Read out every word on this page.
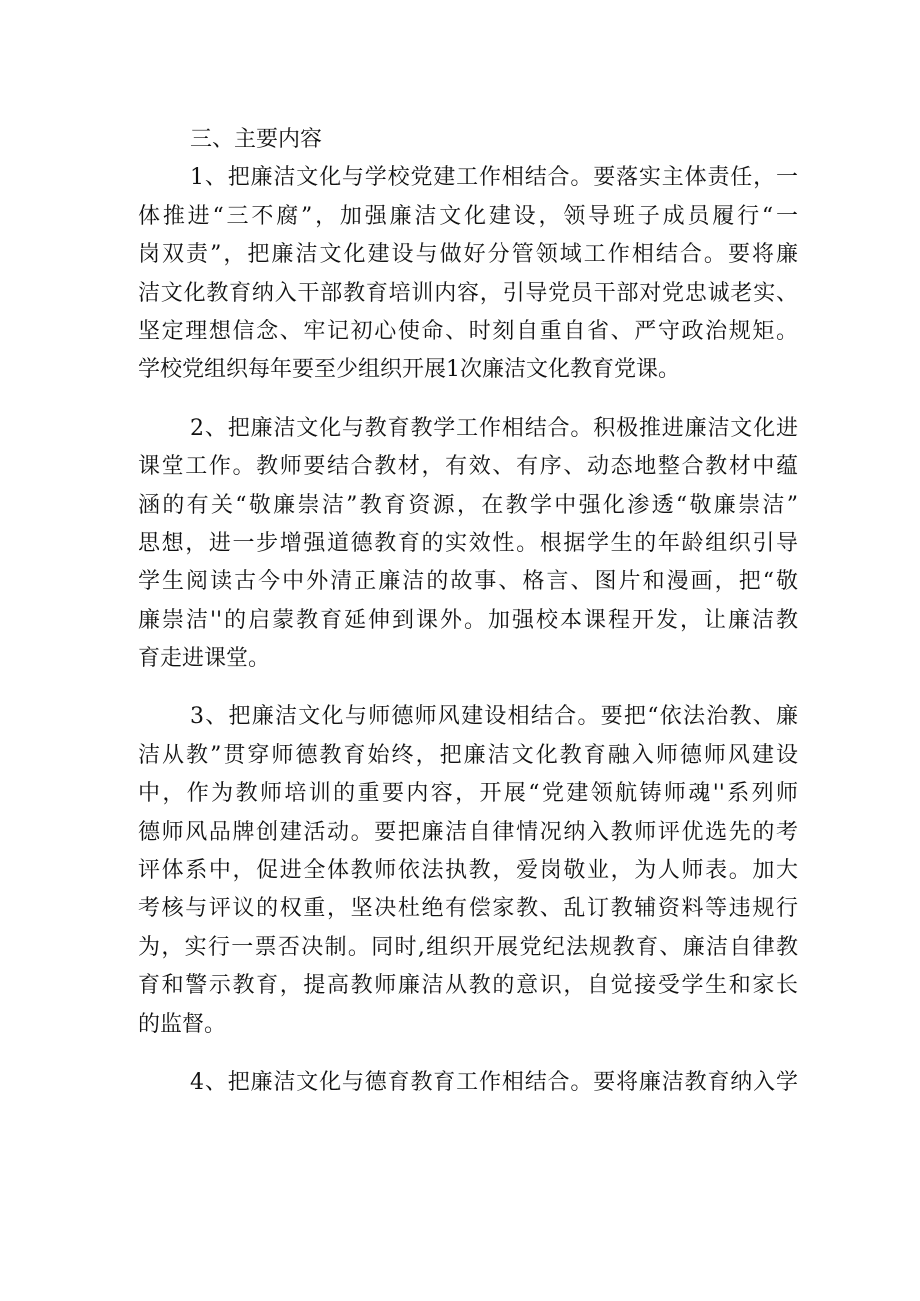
三、主要内容
1、把廉洁文化与学校党建工作相结合。要落实主体责任，一
体推进“三不腐”，加强廉洁文化建设，领导班子成员履行“一
岗双责”，把廉洁文化建设与做好分管领域工作相结合。要将廉
洁文化教育纳入干部教育培训内容，引导党员干部对党忠诚老实、
坚定理想信念、牢记初心使命、时刻自重自省、严守政治规矩。
学校党组织每年要至少组织开展1次廉洁文化教育党课。
2、把廉洁文化与教育教学工作相结合。积极推进廉洁文化进
课堂工作。教师要结合教材，有效、有序、动态地整合教材中蕴
涵的有关“敬廉崇洁”教育资源，在教学中强化渗透“敬廉崇洁”
思想，进一步增强道德教育的实效性。根据学生的年龄组织引导
学生阅读古今中外清正廉洁的故事、格言、图片和漫画，把“敬
廉崇洁''的启蒙教育延伸到课外。加强校本课程开发，让廉洁教
育走进课堂。
3、把廉洁文化与师德师风建设相结合。要把“依法治教、廉
洁从教”贯穿师德教育始终，把廉洁文化教育融入师德师风建设
中，作为教师培训的重要内容，开展“党建领航铸师魂''系列师
德师风品牌创建活动。要把廉洁自律情况纳入教师评优选先的考
评体系中，促进全体教师依法执教，爱岗敬业，为人师表。加大
考核与评议的权重，坚决杜绝有偿家教、乱订教辅资料等违规行
为，实行一票否决制。同时,组织开展党纪法规教育、廉洁自律教
育和警示教育，提高教师廉洁从教的意识，自觉接受学生和家长
的监督。
4、把廉洁文化与德育教育工作相结合。要将廉洁教育纳入学
